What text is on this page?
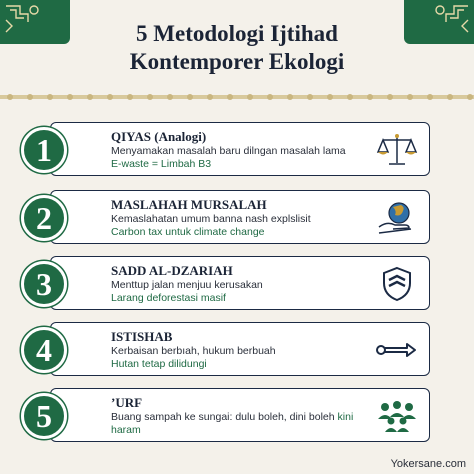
5 Metodologi Ijtihad
Kontemporer Ekologi
1	QIYAS (Analogi)
Menyamakan masalah baru dilngan masalah lama
E-waste = Limbah B3
2	MASLAHAH MURSALAH
Kemaslahatan umum banna nash explslisit
Carbon tax untuk climate change
3	SADD AL-DZARIAH
Menttup jalan menjuu kerusakan
Larang deforestasi masif
4	ISTISHAB
Kerbaisan berbıah, hukum berbuah
Hutan tetap dilidungi
5	ʼURF
Buang sampah ke sungai: dulu boleh, dini boleh kini haram
Yokersane.com
